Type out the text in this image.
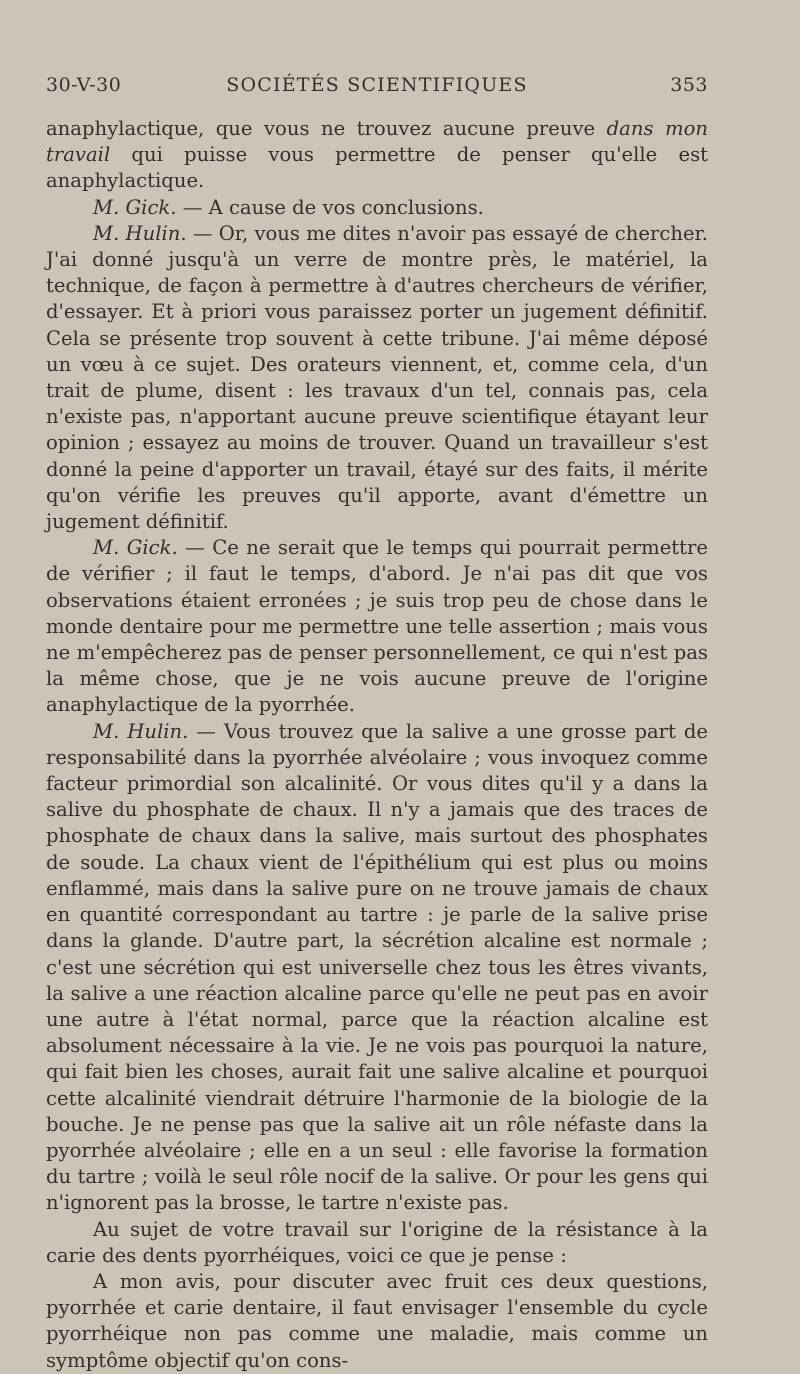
30-V-30	SOCIÉTÉS SCIENTIFIQUES	353

anaphylactique, que vous ne trouvez aucune preuve dans mon travail qui puisse vous permettre de penser qu'elle est anaphylactique.

M. Gick. — A cause de vos conclusions.

M. Hulin. — Or, vous me dites n'avoir pas essayé de chercher. J'ai donné jusqu'à un verre de montre près, le matériel, la technique, de façon à permettre à d'autres chercheurs de vérifier, d'essayer. Et à priori vous paraissez porter un jugement définitif. Cela se présente trop souvent à cette tribune. J'ai même déposé un vœu à ce sujet. Des orateurs viennent, et, comme cela, d'un trait de plume, disent : les travaux d'un tel, connais pas, cela n'existe pas, n'apportant aucune preuve scientifique étayant leur opinion ; essayez au moins de trouver. Quand un travailleur s'est donné la peine d'apporter un travail, étayé sur des faits, il mérite qu'on vérifie les preuves qu'il apporte, avant d'émettre un jugement définitif.

M. Gick. — Ce ne serait que le temps qui pourrait permettre de vérifier ; il faut le temps, d'abord. Je n'ai pas dit que vos observations étaient erronées ; je suis trop peu de chose dans le monde dentaire pour me permettre une telle assertion ; mais vous ne m'empêcherez pas de penser personnellement, ce qui n'est pas la même chose, que je ne vois aucune preuve de l'origine anaphylactique de la pyorrhée.

M. Hulin. — Vous trouvez que la salive a une grosse part de responsabilité dans la pyorrhée alvéolaire ; vous invoquez comme facteur primordial son alcalinité. Or vous dites qu'il y a dans la salive du phosphate de chaux. Il n'y a jamais que des traces de phosphate de chaux dans la salive, mais surtout des phosphates de soude. La chaux vient de l'épithélium qui est plus ou moins enflammé, mais dans la salive pure on ne trouve jamais de chaux en quantité correspondant au tartre : je parle de la salive prise dans la glande. D'autre part, la sécrétion alcaline est normale ; c'est une sécrétion qui est universelle chez tous les êtres vivants, la salive a une réaction alcaline parce qu'elle ne peut pas en avoir une autre à l'état normal, parce que la réaction alcaline est absolument nécessaire à la vie. Je ne vois pas pourquoi la nature, qui fait bien les choses, aurait fait une salive alcaline et pourquoi cette alcalinité viendrait détruire l'harmonie de la biologie de la bouche. Je ne pense pas que la salive ait un rôle néfaste dans la pyorrhée alvéolaire ; elle en a un seul : elle favorise la formation du tartre ; voilà le seul rôle nocif de la salive. Or pour les gens qui n'ignorent pas la brosse, le tartre n'existe pas.

Au sujet de votre travail sur l'origine de la résistance à la carie des dents pyorrhéiques, voici ce que je pense :

A mon avis, pour discuter avec fruit ces deux questions, pyorrhée et carie dentaire, il faut envisager l'ensemble du cycle pyorrhéique non pas comme une maladie, mais comme un symptôme objectif qu'on cons-
